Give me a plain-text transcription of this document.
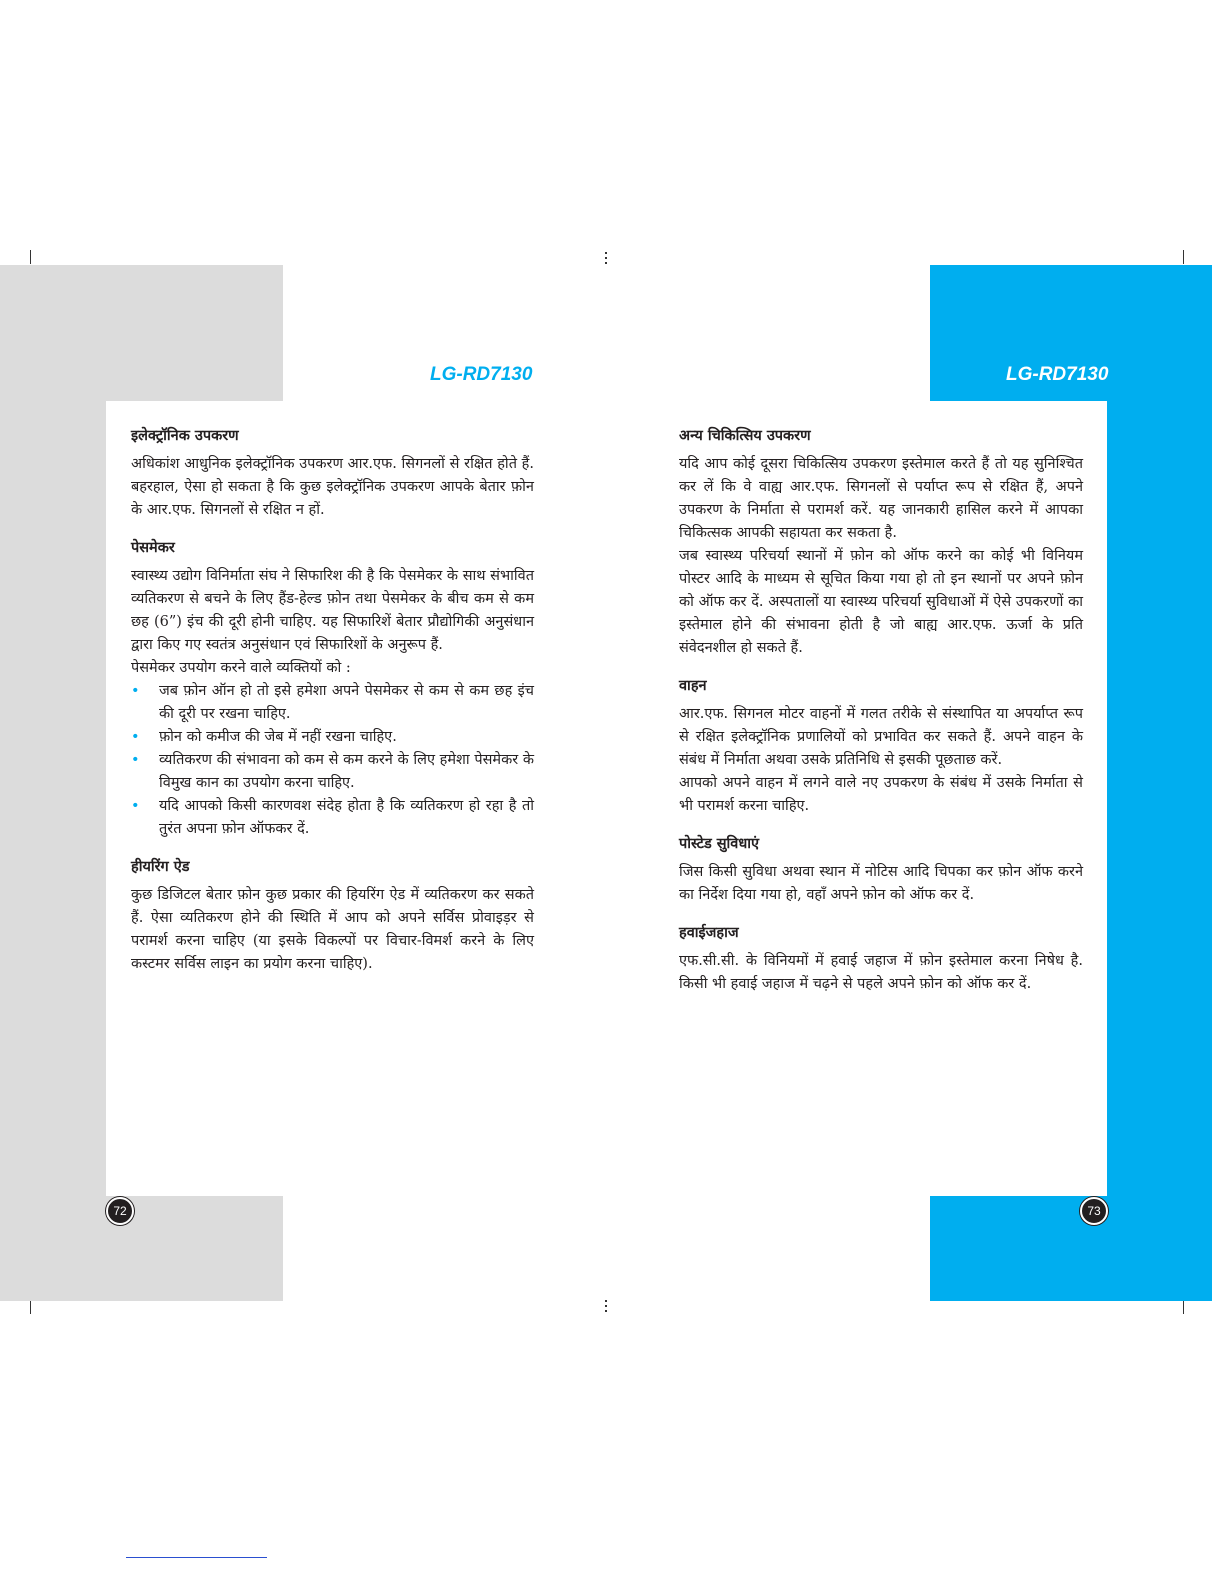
LG-RD7130	LG-RD7130
इलेक्ट्रॉनिक उपकरण

अधिकांश आधुनिक इलेक्ट्रॉनिक उपकरण आर.एफ. सिगनलों से रक्षित होते हैं. बहरहाल, ऐसा हो सकता है कि कुछ इलेक्ट्रॉनिक उपकरण आपके बेतार फ़ोन के आर.एफ. सिगनलों से रक्षित न हों.

पेसमेकर

स्वास्थ्य उद्योग विनिर्माता संघ ने सिफारिश की है कि पेसमेकर के साथ संभावित व्यतिकरण से बचने के लिए हैंड-हेल्ड फ़ोन तथा पेसमेकर के बीच कम से कम छह (6”) इंच की दूरी होनी चाहिए. यह सिफारिशें बेतार प्रौद्योगिकी अनुसंधान द्वारा किए गए स्वतंत्र अनुसंधान एवं सिफारिशों के अनुरूप हैं.

पेसमेकर उपयोग करने वाले व्यक्तियों को :

• जब फ़ोन ऑन हो तो इसे हमेशा अपने पेसमेकर से कम से कम छह इंच की दूरी पर रखना चाहिए.
• फ़ोन को कमीज की जेब में नहीं रखना चाहिए.
• व्यतिकरण की संभावना को कम से कम करने के लिए हमेशा पेसमेकर के विमुख कान का उपयोग करना चाहिए.
• यदि आपको किसी कारणवश संदेह होता है कि व्यतिकरण हो रहा है तो तुरंत अपना फ़ोन ऑफकर दें.
हीयरिंग ऐड

कुछ डिजिटल बेतार फ़ोन कुछ प्रकार की हियरिंग ऐड में व्यतिकरण कर सकते हैं. ऐसा व्यतिकरण होने की स्थिति में आप को अपने सर्विस प्रोवाइड़र से परामर्श करना चाहिए (या इसके विकल्पों पर विचार-विमर्श करने के लिए कस्टमर सर्विस लाइन का प्रयोग करना चाहिए).

अन्य चिकित्सिय उपकरण

यदि आप कोई दूसरा चिकित्सिय उपकरण इस्तेमाल करते हैं तो यह सुनिश्चित कर लें कि वे वाह्य आर.एफ. सिगनलों से पर्याप्त रूप से रक्षित हैं, अपने उपकरण के निर्माता से परामर्श करें. यह जानकारी हासिल करने में आपका चिकित्सक आपकी सहायता कर सकता है.

जब स्वास्थ्य परिचर्या स्थानों में फ़ोन को ऑफ करने का कोई भी विनियम पोस्टर आदि के माध्यम से सूचित किया गया हो तो इन स्थानों पर अपने फ़ोन को ऑफ कर दें. अस्पतालों या स्वास्थ्य परिचर्या सुविधाओं में ऐसे उपकरणों का इस्तेमाल होने की संभावना होती है जो बाह्य आर.एफ. ऊर्जा के प्रति संवेदनशील हो सकते हैं.

वाहन

आर.एफ. सिगनल मोटर वाहनों में गलत तरीके से संस्थापित या अपर्याप्त रूप से रक्षित इलेक्ट्रॉनिक प्रणालियों को प्रभावित कर सकते हैं. अपने वाहन के संबंध में निर्माता अथवा उसके प्रतिनिधि से इसकी पूछताछ करें.

आपको अपने वाहन में लगने वाले नए उपकरण के संबंध में उसके निर्माता से भी परामर्श करना चाहिए.

पोस्टेड सुविधाएं

जिस किसी सुविधा अथवा स्थान में नोटिस आदि चिपका कर फ़ोन ऑफ करने का निर्देश दिया गया हो, वहाँ अपने फ़ोन को ऑफ कर दें.

हवाईजहाज

एफ.सी.सी. के विनियमों में हवाई जहाज में फ़ोन इस्तेमाल करना निषेध है. किसी भी हवाई जहाज में चढ़ने से पहले अपने फ़ोन को ऑफ कर दें.

72	73
